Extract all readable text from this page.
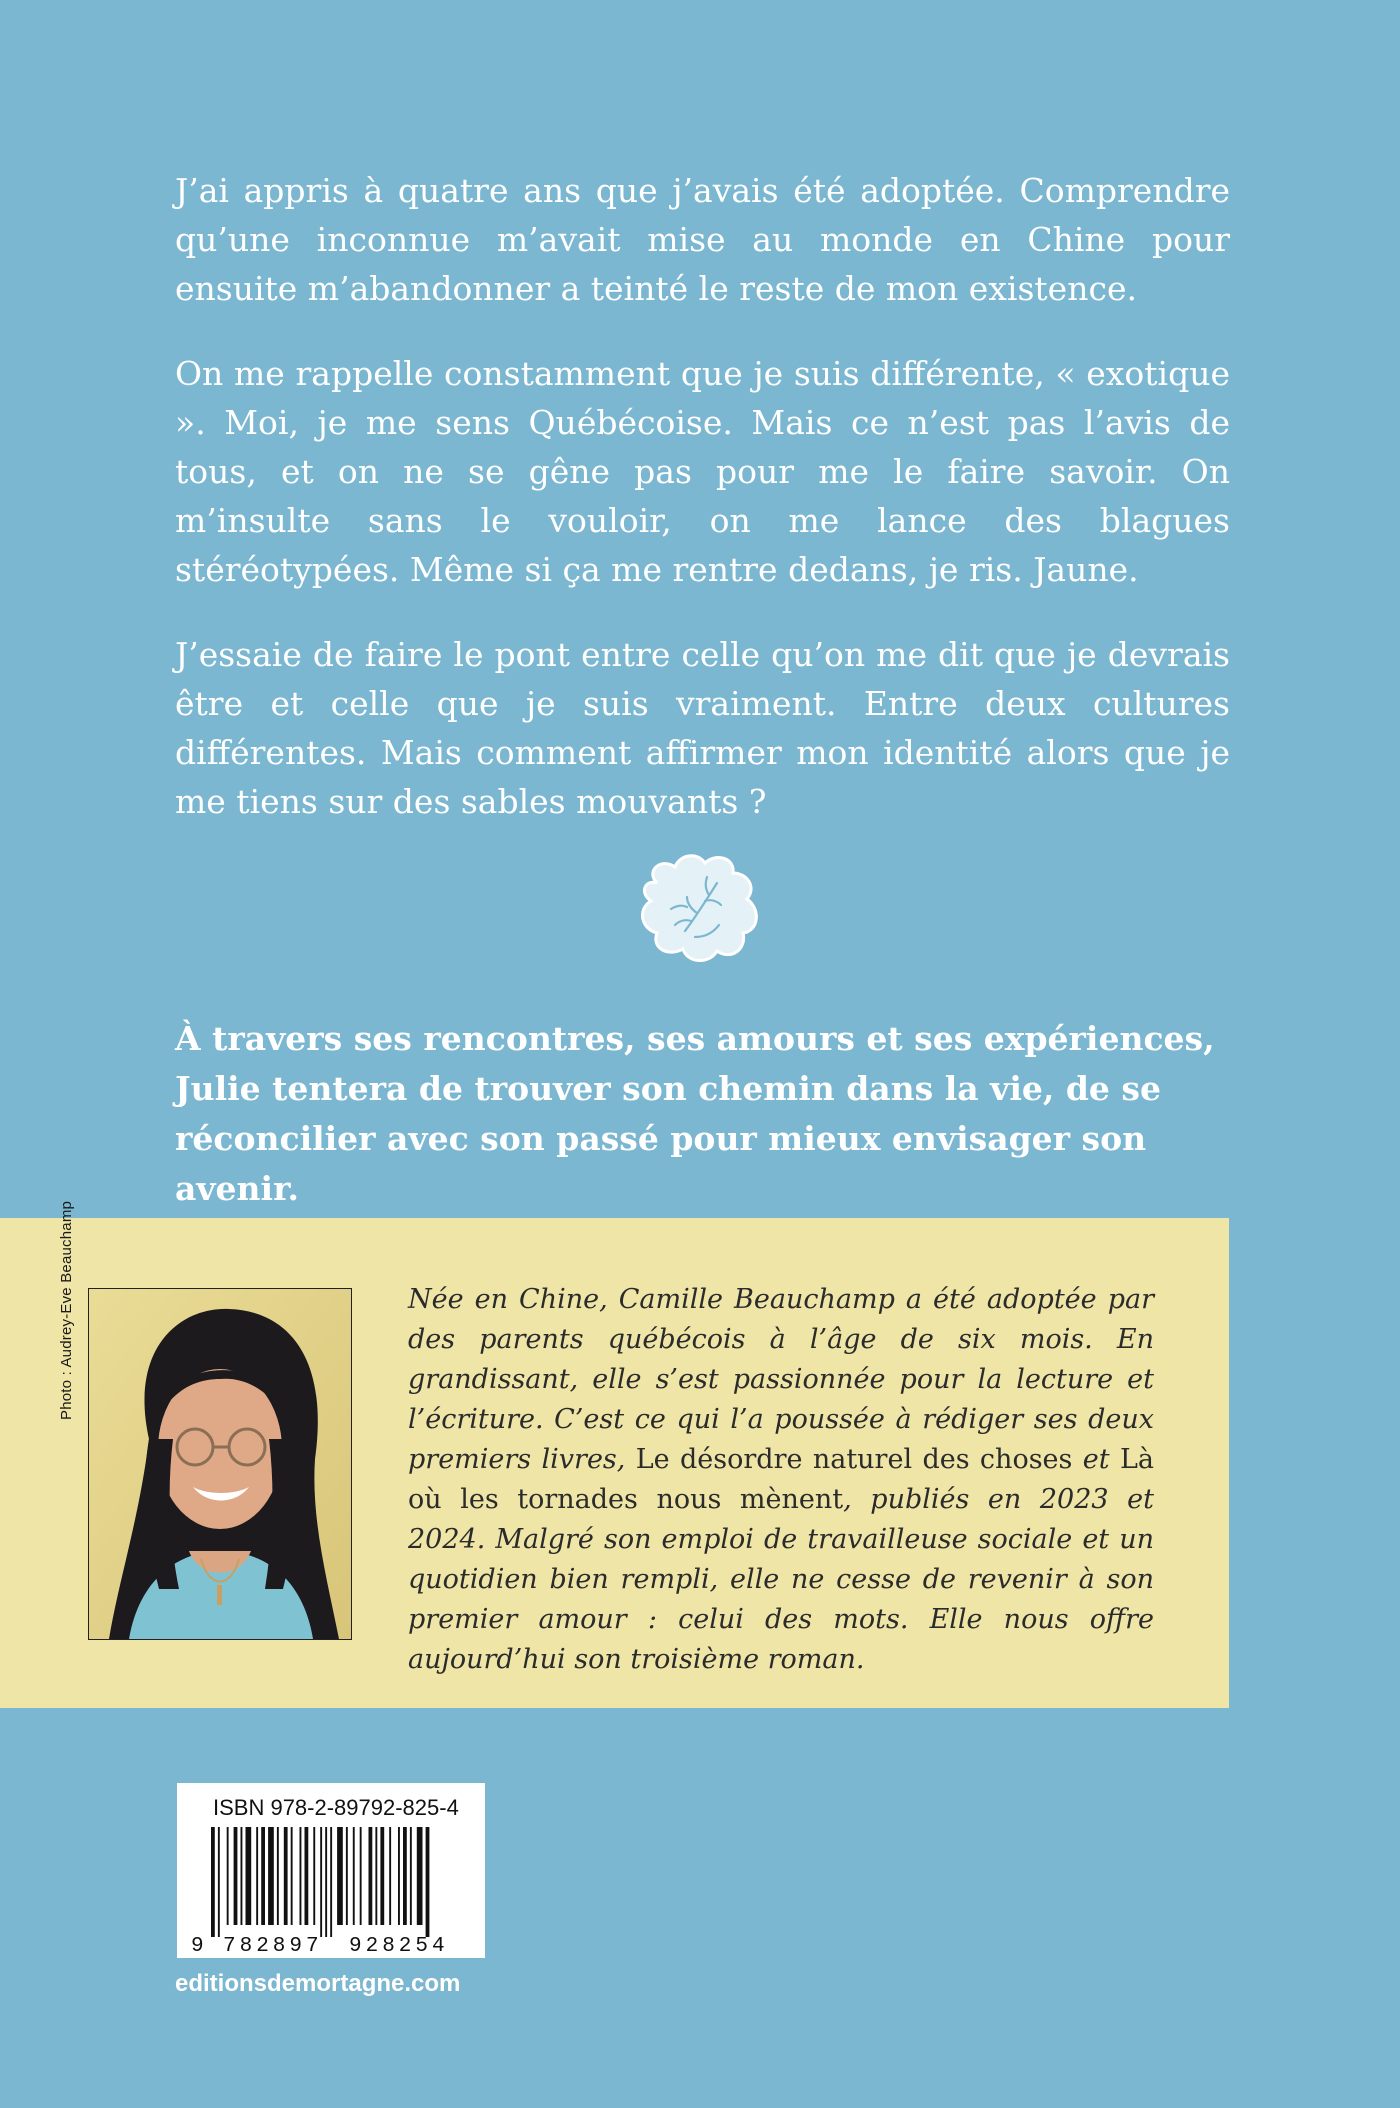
J’ai appris à quatre ans que j’avais été adoptée. Comprendre qu’une inconnue m’avait mise au monde en Chine pour ensuite m’abandonner a teinté le reste de mon existence.

On me rappelle constamment que je suis différente, « exotique ». Moi, je me sens Québécoise. Mais ce n’est pas l’avis de tous, et on ne se gêne pas pour me le faire savoir. On m’insulte sans le vouloir, on me lance des blagues stéréotypées. Même si ça me rentre dedans, je ris. Jaune.

J’essaie de faire le pont entre celle qu’on me dit que je devrais être et celle que je suis vraiment. Entre deux cultures différentes. Mais comment affirmer mon identité alors que je me tiens sur des sables mouvants ?

À travers ses rencontres, ses amours et ses expériences, Julie tentera de trouver son chemin dans la vie, de se réconcilier avec son passé pour mieux envisager son avenir.

Née en Chine, Camille Beauchamp a été adoptée par des parents québécois à l’âge de six mois. En grandissant, elle s’est passionnée pour la lecture et l’écriture. C’est ce qui l’a poussée à rédiger ses deux premiers livres, Le désordre naturel des choses et Là où les tornades nous mènent, publiés en 2023 et 2024. Malgré son emploi de travailleuse sociale et un quotidien bien rempli, elle ne cesse de revenir à son premier amour : celui des mots. Elle nous offre aujourd’hui son troisième roman.

Photo : Audrey-Eve Beauchamp
ISBN 978-2-89792-825-4
9 782897 928254
editionsdemortagne.com
